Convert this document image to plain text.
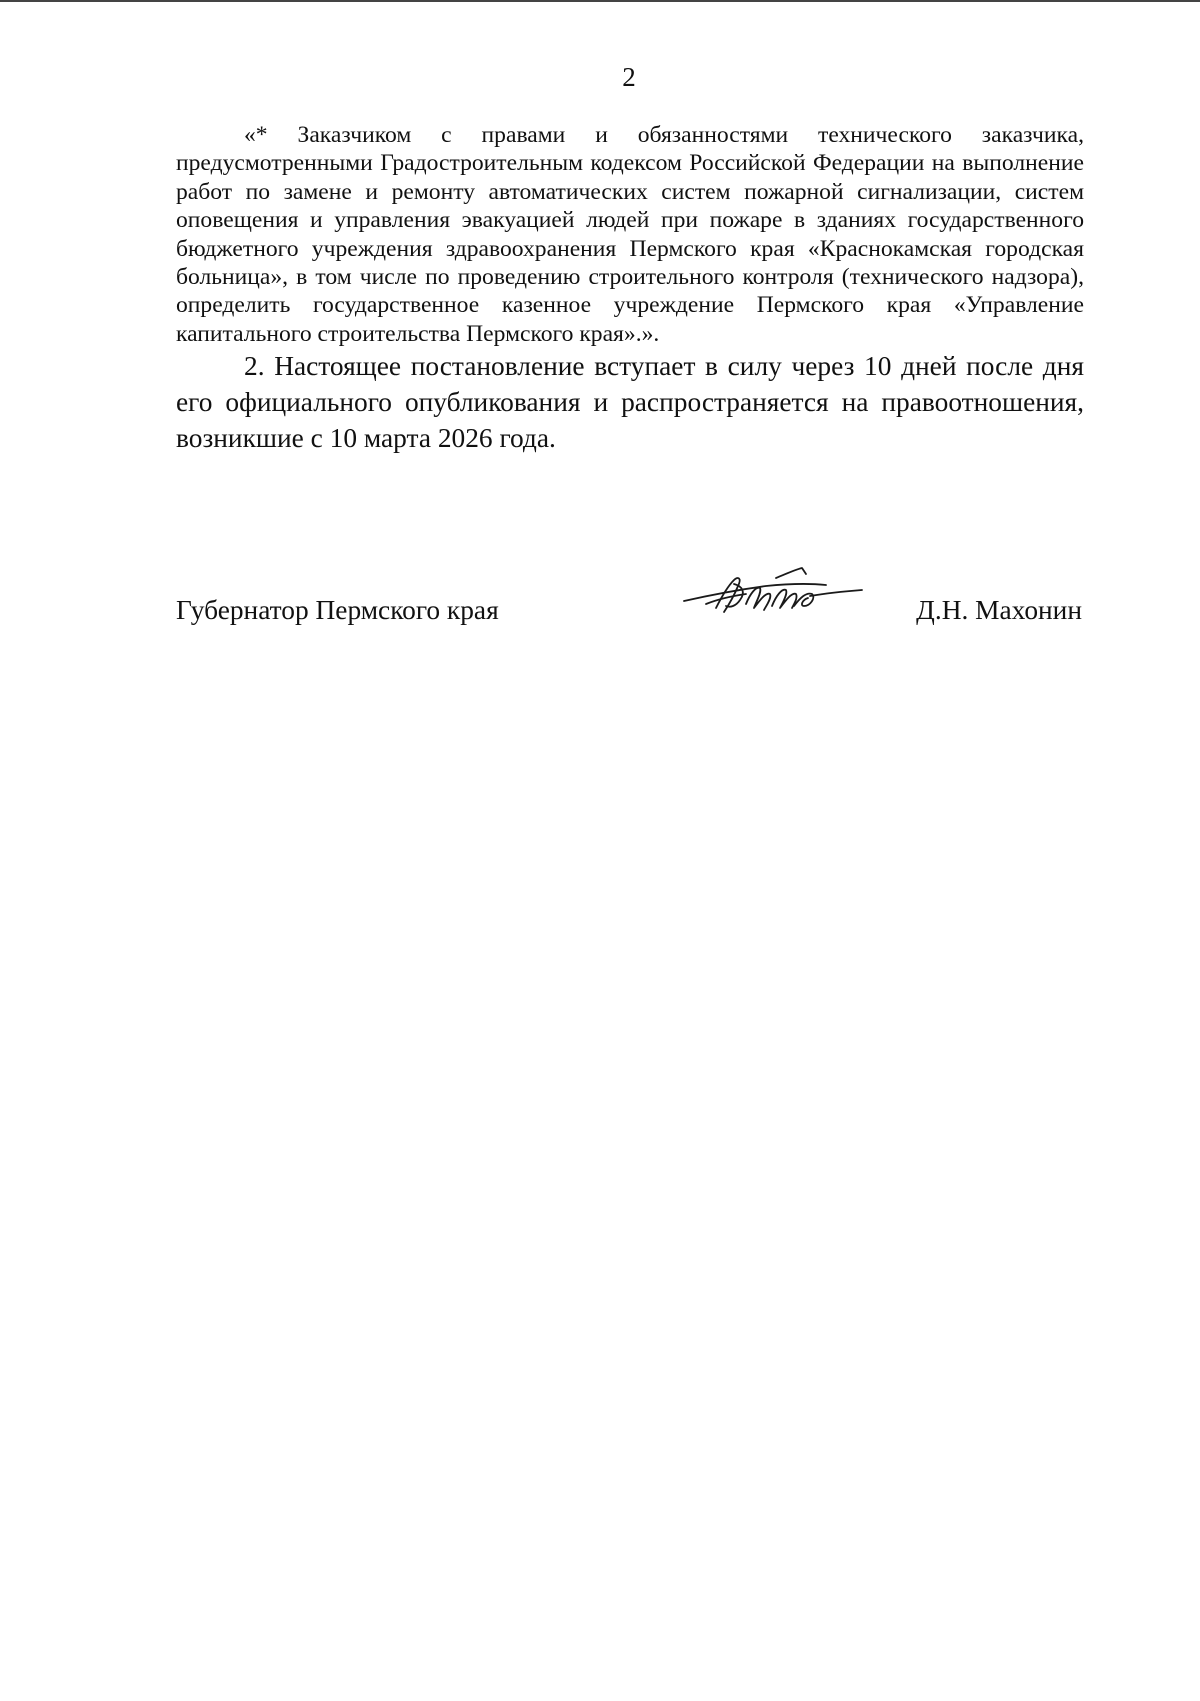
2

«* Заказчиком с правами и обязанностями технического заказчика, предусмотренными Градостроительным кодексом Российской Федерации на выполнение работ по замене и ремонту автоматических систем пожарной сигнализации, систем оповещения и управления эвакуацией людей при пожаре в зданиях государственного бюджетного учреждения здравоохранения Пермского края «Краснокамская городская больница», в том числе по проведению строительного контроля (технического надзора), определить государственное казенное учреждение Пермского края «Управление капитального строительства Пермского края».».

2. Настоящее постановление вступает в силу через 10 дней после дня его официального опубликования и распространяется на правоотношения, возникшие с 10 марта 2026 года.

Губернатор Пермского края	Д.Н. Махонин
